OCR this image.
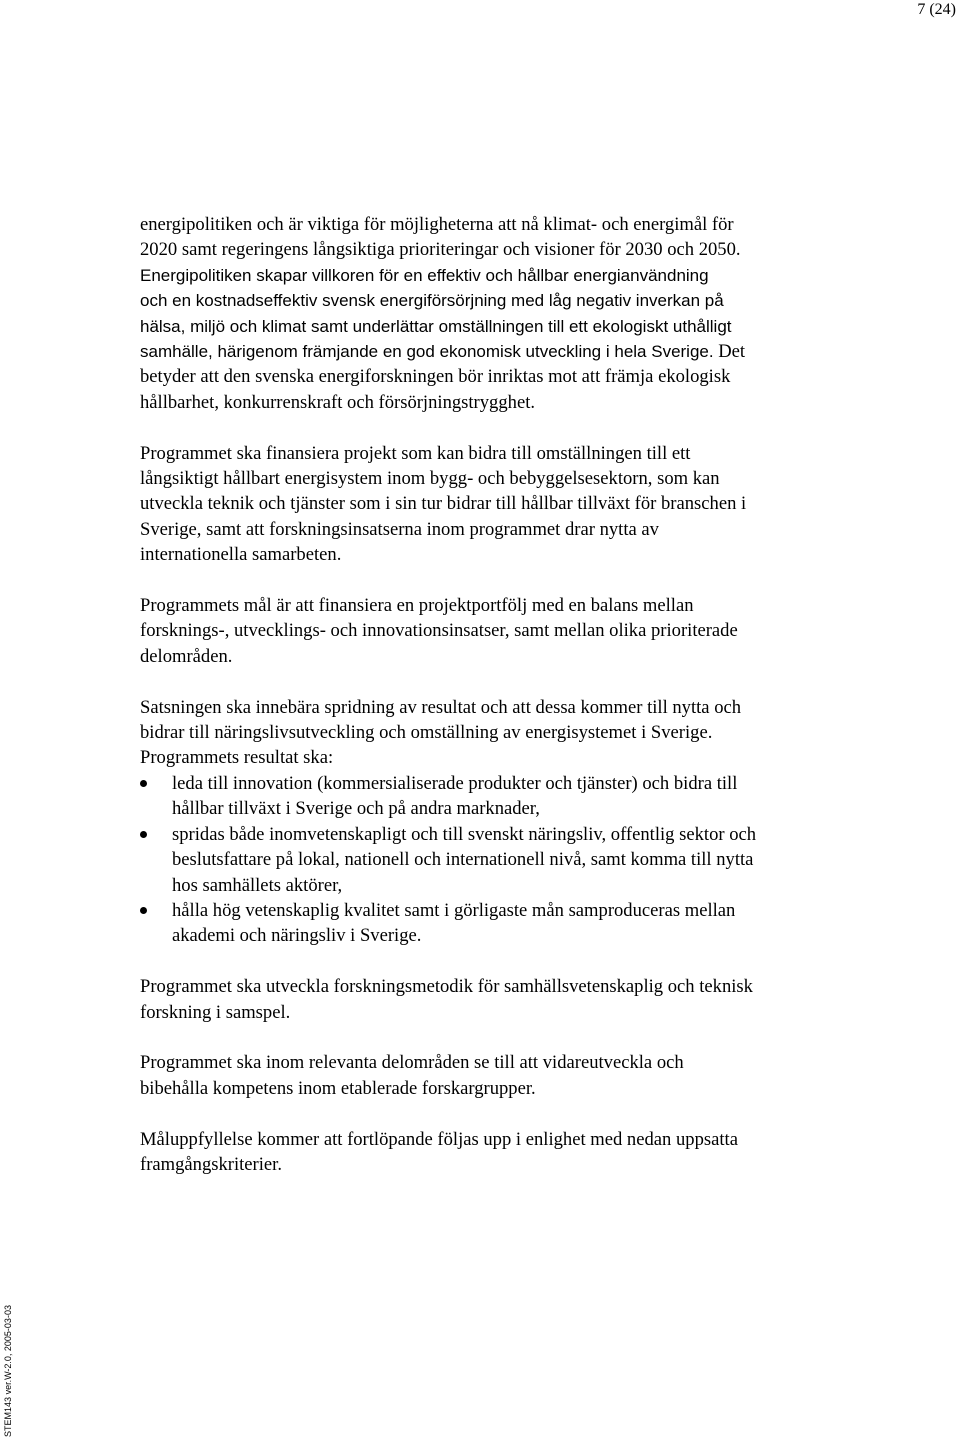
7 (24)

energipolitiken och är viktiga för möjligheterna att nå klimat- och energimål för
2020 samt regeringens långsiktiga prioriteringar och visioner för 2030 och 2050.
Energipolitiken skapar villkoren för en effektiv och hållbar energianvändning
och en kostnadseffektiv svensk energiförsörjning med låg negativ inverkan på
hälsa, miljö och klimat samt underlättar omställningen till ett ekologiskt uthålligt
samhälle, härigenom främjande en god ekonomisk utveckling i hela Sverige. Det
betyder att den svenska energiforskningen bör inriktas mot att främja ekologisk
hållbarhet, konkurrenskraft och försörjningstrygghet.

Programmet ska finansiera projekt som kan bidra till omställningen till ett
långsiktigt hållbart energisystem inom bygg- och bebyggelsesektorn, som kan
utveckla teknik och tjänster som i sin tur bidrar till hållbar tillväxt för branschen i
Sverige, samt att forskningsinsatserna inom programmet drar nytta av
internationella samarbeten.

Programmets mål är att finansiera en projektportfölj med en balans mellan
forsknings-, utvecklings- och innovationsinsatser, samt mellan olika prioriterade
delområden.

Satsningen ska innebära spridning av resultat och att dessa kommer till nytta och
bidrar till näringslivsutveckling och omställning av energisystemet i Sverige.
Programmets resultat ska:

leda till innovation (kommersialiserade produkter och tjänster) och bidra till
hållbar tillväxt i Sverige och på andra marknader,
spridas både inomvetenskapligt och till svenskt näringsliv, offentlig sektor och
beslutsfattare på lokal, nationell och internationell nivå, samt komma till nytta
hos samhällets aktörer,
hålla hög vetenskaplig kvalitet samt i görligaste mån samproduceras mellan
akademi och näringsliv i Sverige.

Programmet ska utveckla forskningsmetodik för samhällsvetenskaplig och teknisk
forskning i samspel.

Programmet ska inom relevanta delområden se till att vidareutveckla och
bibehålla kompetens inom etablerade forskargrupper.

Måluppfyllelse kommer att fortlöpande följas upp i enlighet med nedan uppsatta
framgångskriterier.

STEM143 ver.W-2.0, 2005-03-03
